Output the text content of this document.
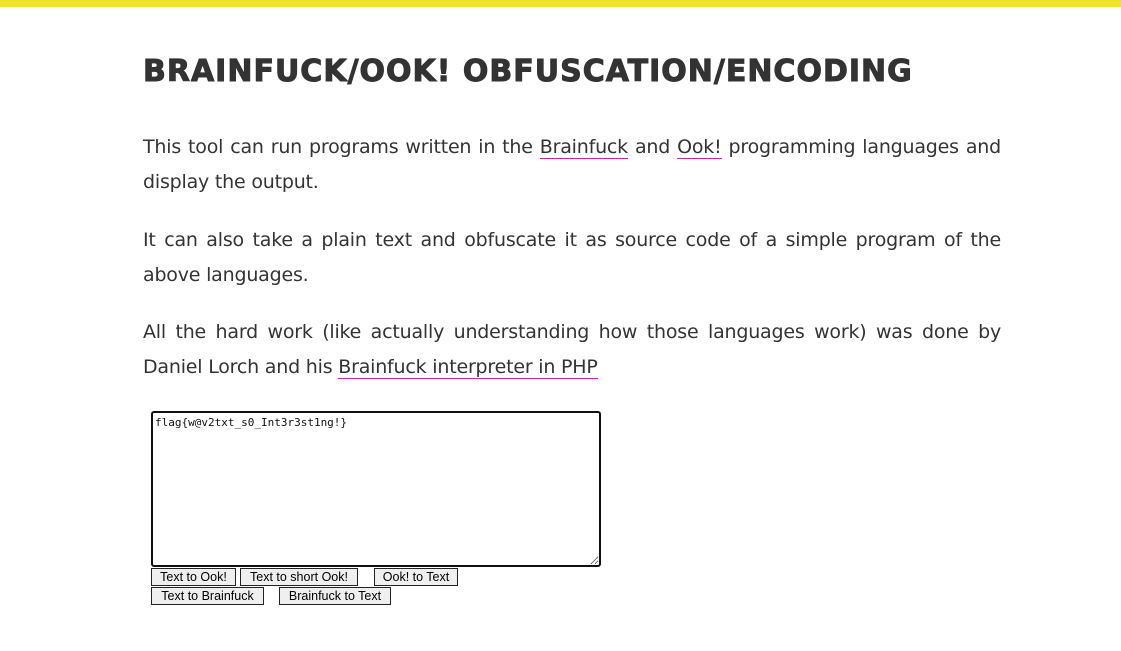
BRAINFUCK/OOK! OBFUSCATION/ENCODING

This tool can run programs written in the Brainfuck and Ook! programming languages and display the output.

It can also take a plain text and obfuscate it as source code of a simple program of the above languages.

All the hard work (like actually understanding how those languages work) was done by Daniel Lorch and his Brainfuck interpreter in PHP

flag{w@v2txt_s0_Int3r3st1ng!}
Text to Ook!	Text to short Ook!	Ook! to Text
Text to Brainfuck	Brainfuck to Text
